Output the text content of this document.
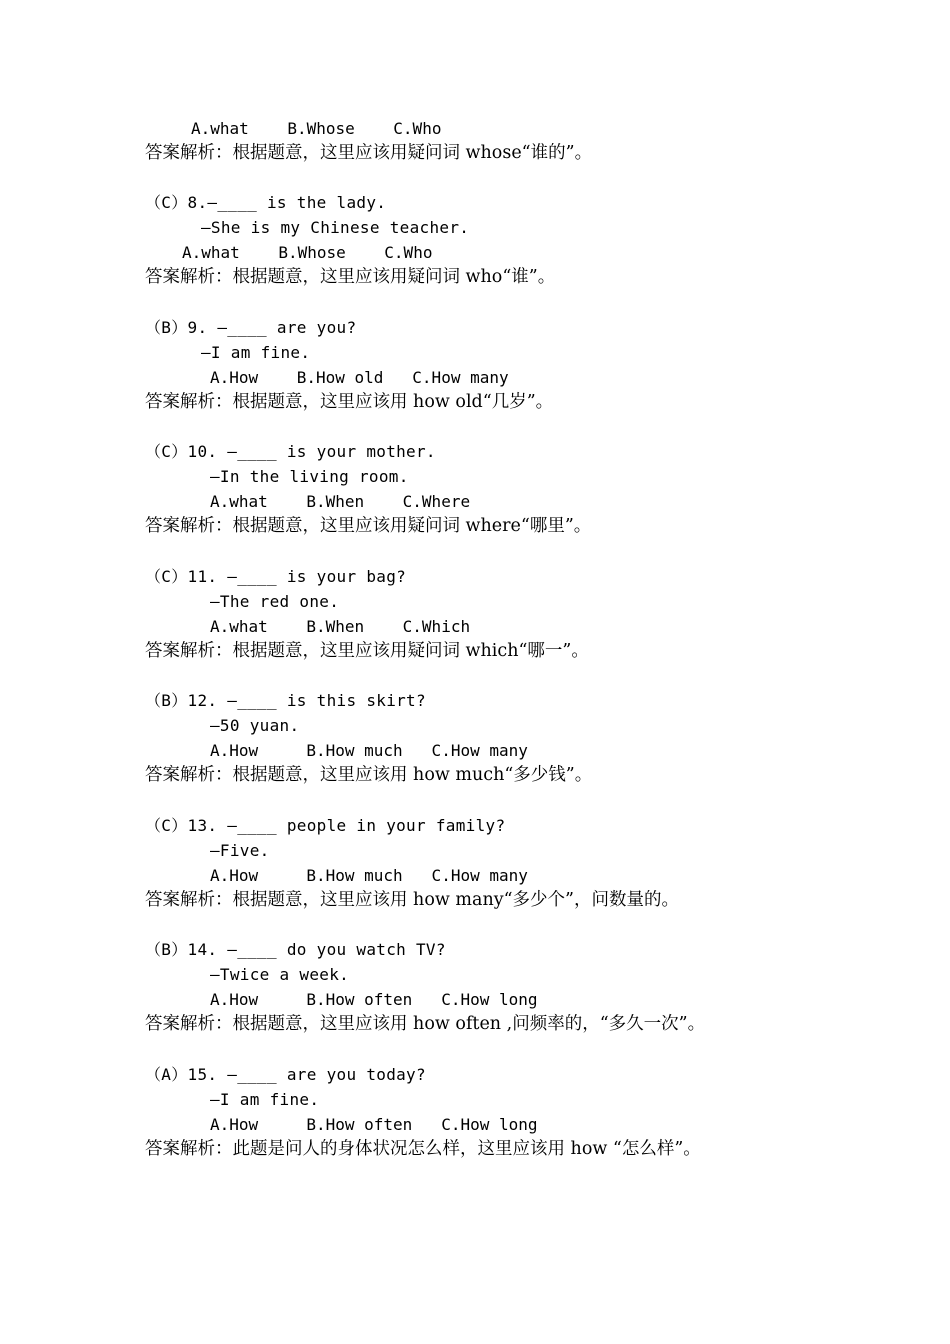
A.what    B.Whose    C.Who
答案解析：根据题意，这里应该用疑问词 whose“谁的”。
（C）8.—____ is the lady.
—She is my Chinese teacher.
A.what    B.Whose    C.Who
答案解析：根据题意，这里应该用疑问词 who“谁”。
（B）9. —____ are you?
—I am fine.
A.How    B.How old   C.How many
答案解析：根据题意，这里应该用 how old“几岁”。
（C）10. —____ is your mother.
—In the living room.
A.what    B.When    C.Where
答案解析：根据题意，这里应该用疑问词 where“哪里”。
（C）11. —____ is your bag?
—The red one.
A.what    B.When    C.Which
答案解析：根据题意，这里应该用疑问词 which“哪一”。
（B）12. —____ is this skirt?
—50 yuan.
A.How     B.How much   C.How many
答案解析：根据题意，这里应该用 how much“多少钱”。
（C）13. —____ people in your family?
—Five.
A.How     B.How much   C.How many
答案解析：根据题意，这里应该用 how many“多少个”，问数量的。
（B）14. —____ do you watch TV?
—Twice a week.
A.How     B.How often   C.How long
答案解析：根据题意，这里应该用 how often ,问频率的，“多久一次”。
（A）15. —____ are you today?
—I am fine.
A.How     B.How often   C.How long
答案解析：此题是问人的身体状况怎么样，这里应该用 how “怎么样”。
